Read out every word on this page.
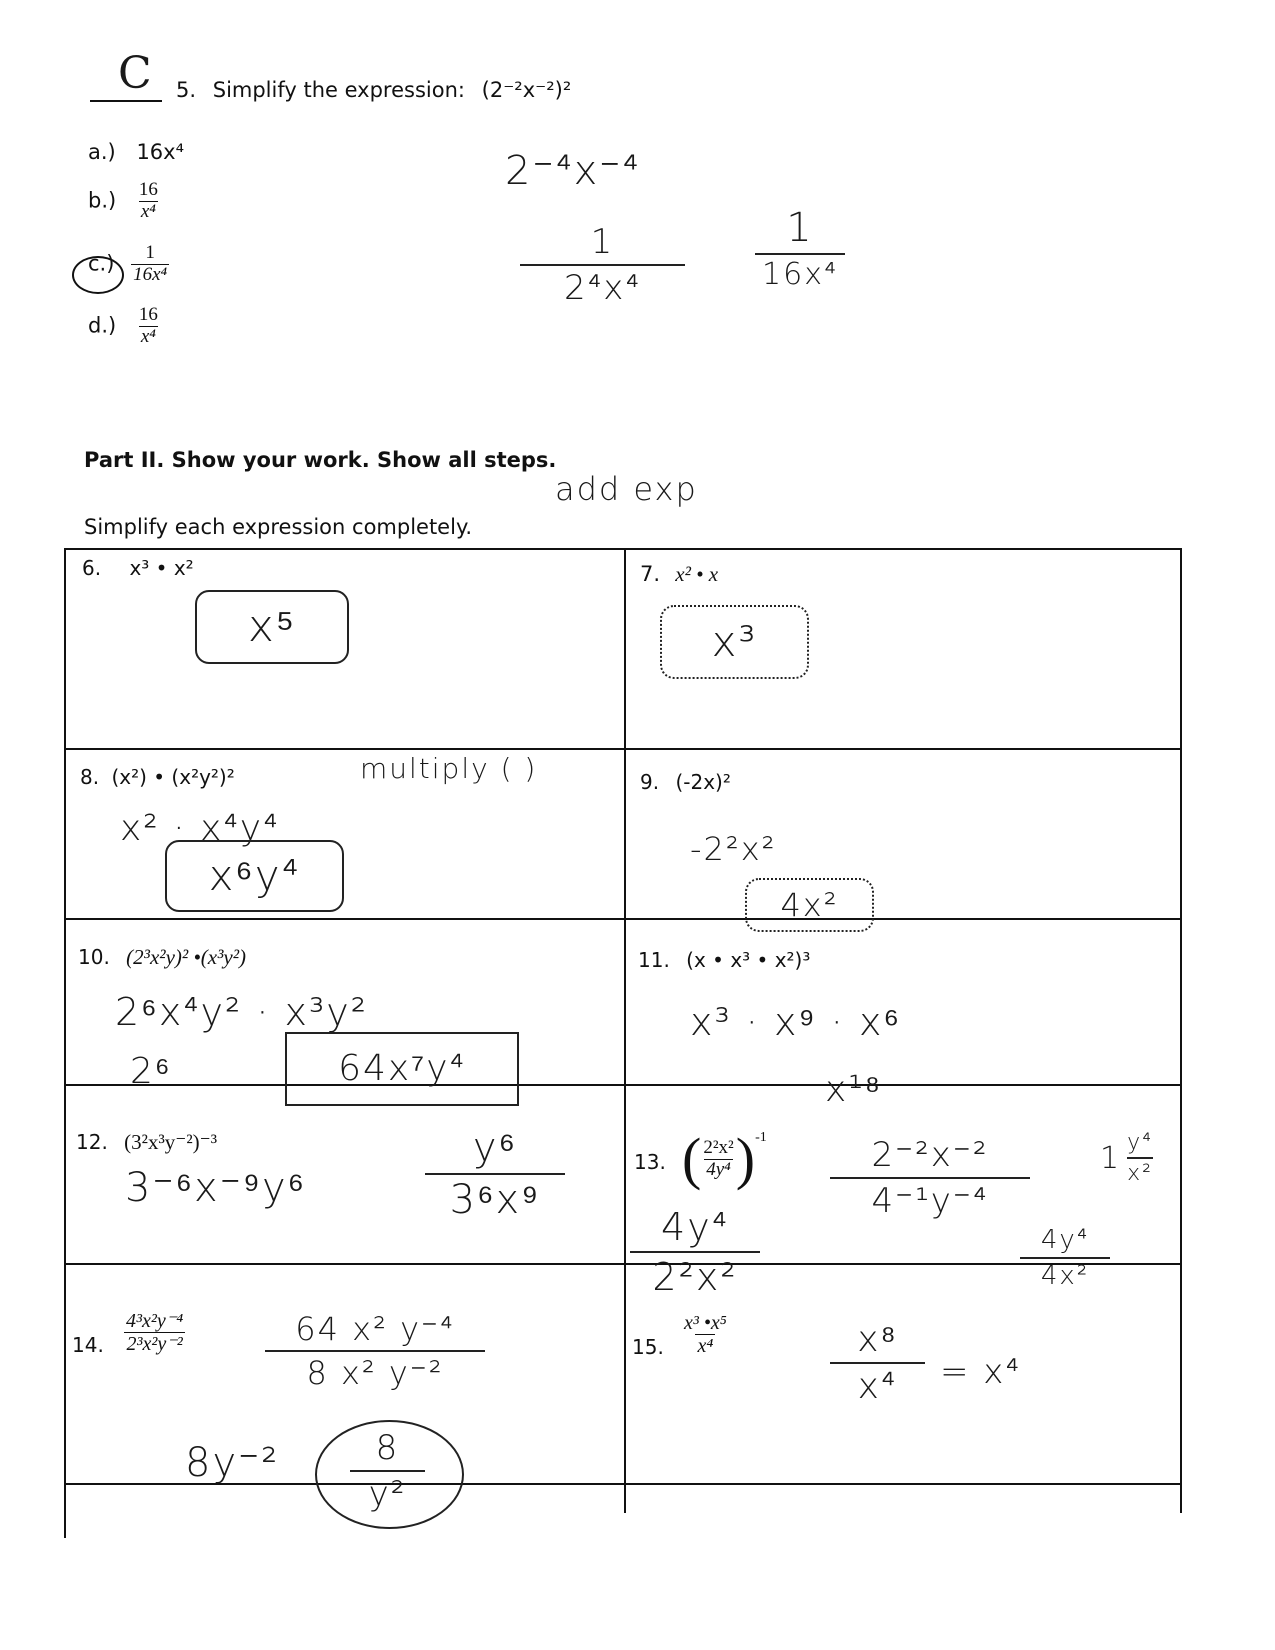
C 5. Simplify the expression: (2⁻²x⁻²)²
a.) 16x⁴
$b.) \frac{16}{\text{x⁴}}$
$c.) \frac{1}{\text{16x⁴}}$
$d.) \frac{16}{\text{x⁴}}$
2⁻⁴x⁻⁴
1
2⁴x⁴
1
16x⁴
Part II. Show your work. Show all steps.
add exp
Simplify each expression completely.
6. x³ • x²
x⁵
7. x² • x
x³
8. (x²) • (x²y²)²	multiply ( )
x² · x⁴y⁴
x⁶y⁴
9. (-2x)²
-2²x²
4x²
10. (2³x²y)² •(x³y²)
2⁶x⁴y² · x³y²
2⁶	64x⁷y⁴
11. (x • x³ • x²)³
x³ · x⁹ · x⁶
x¹⁸
12. (3²x³y⁻²)⁻³
3⁻⁶x⁻⁹y⁶
y⁶
3⁶x⁹
13. ( $\frac{\text{2²x²}}{\text{4y⁴}}$ ) -1	2⁻²x⁻²
4⁻¹y⁻⁴
4y⁴
2²x²
4y⁴
4x²
1 y⁴
x²
14. $\frac{\text{4³x²y⁻⁴}}{\text{2³x²y⁻²}}$	64 x² y⁻⁴
8 x² y⁻²
8y⁻²	8
y²
15. $\frac{\text{x³ •x⁵}}{\text{x⁴}}$	x⁸
x⁴ = x⁴
